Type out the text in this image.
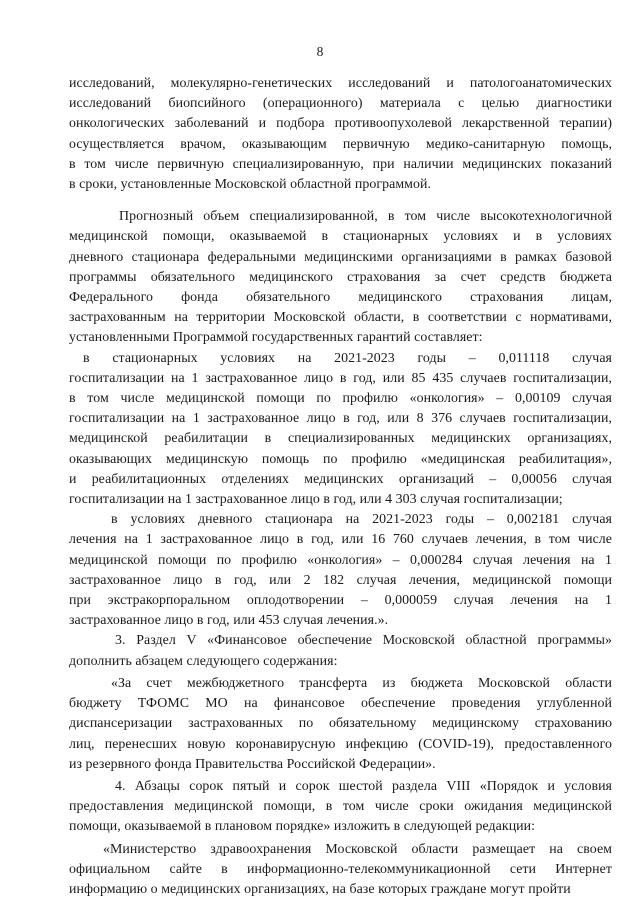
8
исследований, молекулярно-генетических исследований и патологоанатомических
исследований биопсийного (операционного) материала с целью диагностики
онкологических заболеваний и подбора противоопухолевой лекарственной терапии)
осуществляется врачом, оказывающим первичную медико-санитарную помощь,
в том числе первичную специализированную, при наличии медицинских показаний
в сроки, установленные Московской областной программой.
Прогнозный объем специализированной, в том числе высокотехнологичной
медицинской помощи, оказываемой в стационарных условиях и в условиях
дневного стационара федеральными медицинскими организациями в рамках базовой
программы обязательного медицинского страхования за счет средств бюджета
Федерального фонда обязательного медицинского страхования лицам,
застрахованным на территории Московской области, в соответствии с нормативами,
установленными Программой государственных гарантий составляет:
в стационарных условиях на 2021-2023 годы – 0,011118 случая
госпитализации на 1 застрахованное лицо в год, или 85 435 случаев госпитализации,
в том числе медицинской помощи по профилю «онкология» – 0,00109 случая
госпитализации на 1 застрахованное лицо в год, или 8 376 случаев госпитализации,
медицинской реабилитации в специализированных медицинских организациях,
оказывающих медицинскую помощь по профилю «медицинская реабилитация»,
и реабилитационных отделениях медицинских организаций – 0,00056 случая
госпитализации на 1 застрахованное лицо в год, или 4 303 случая госпитализации;
в условиях дневного стационара на 2021-2023 годы – 0,002181 случая
лечения на 1 застрахованное лицо в год, или 16 760 случаев лечения, в том числе
медицинской помощи по профилю «онкология» – 0,000284 случая лечения на 1
застрахованное лицо в год, или 2 182 случая лечения, медицинской помощи
при экстракорпоральном оплодотворении – 0,000059 случая лечения на 1
застрахованное лицо в год, или 453 случая лечения.».
3. Раздел V «Финансовое обеспечение Московской областной программы»
дополнить абзацем следующего содержания:
«За счет межбюджетного трансферта из бюджета Московской области
бюджету ТФОМС МО на финансовое обеспечение проведения углубленной
диспансеризации застрахованных по обязательному медицинскому страхованию
лиц, перенесших новую коронавирусную инфекцию (COVID-19), предоставленного
из резервного фонда Правительства Российской Федерации».
4. Абзацы сорок пятый и сорок шестой раздела VIII «Порядок и условия
предоставления медицинской помощи, в том числе сроки ожидания медицинской
помощи, оказываемой в плановом порядке» изложить в следующей редакции:
«Министерство здравоохранения Московской области размещает на своем
официальном сайте в информационно-телекоммуникационной сети Интернет
информацию о медицинских организациях, на базе которых граждане могут пройти
